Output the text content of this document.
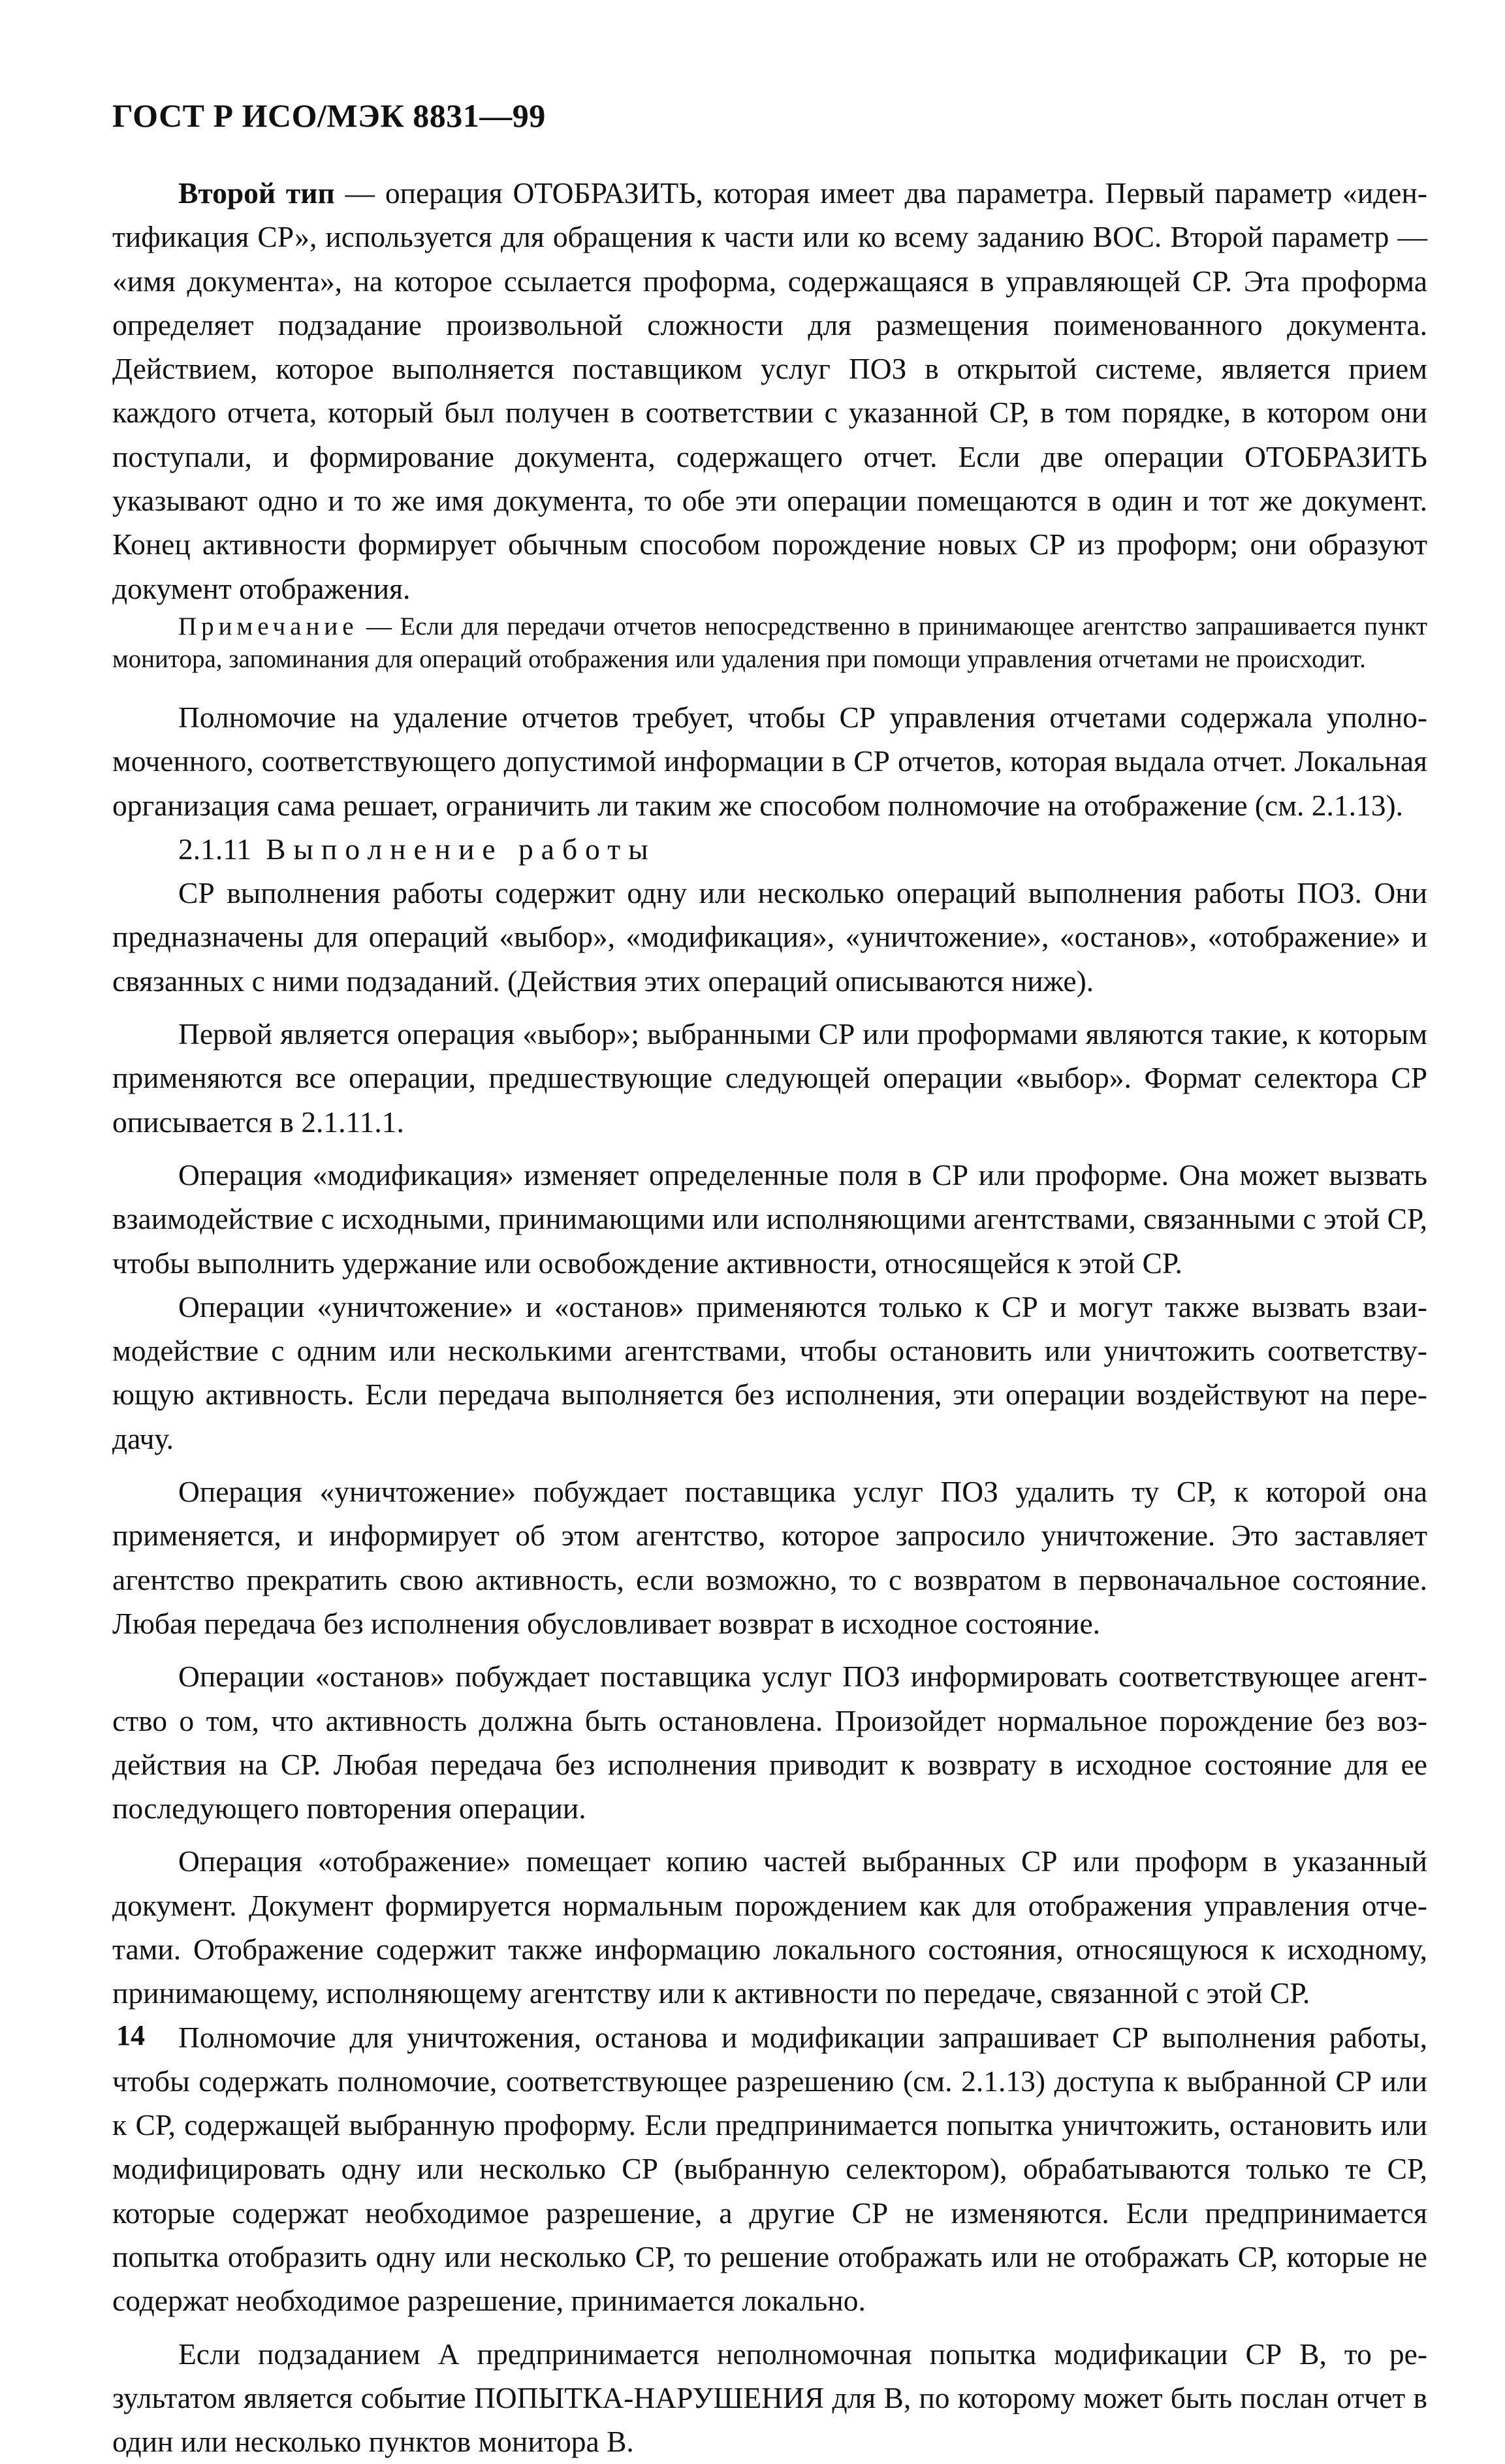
ГОСТ Р ИСО/МЭК 8831—99

Второй тип — операция ОТОБРАЗИТЬ, которая имеет два параметра. Первый параметр «идентификация СР», используется для обращения к части или ко всему заданию ВОС. Второй параметр — «имя документа», на которое ссылается проформа, содержащаяся в управляющей СР. Эта проформа определяет подзадание произвольной сложности для размещения поименованного документа. Действием, которое выполняется поставщиком услуг ПОЗ в открытой системе, является прием каждого отчета, который был получен в соответствии с указанной СР, в том порядке, в котором они поступали, и формирование документа, содержащего отчет. Если две операции ОТОБРАЗИТЬ указывают одно и то же имя документа, то обе эти операции помещаются в один и тот же документ. Конец активности формирует обычным способом порождение новых СР из проформ; они образуют документ отображения.

Примечание — Если для передачи отчетов непосредственно в принимающее агентство запрашивается пункт монитора, запоминания для операций отображения или удаления при помощи управления отчетами не происходит.

Полномочие на удаление отчетов требует, чтобы СР управления отчетами содержала уполномоченного, соответствующего допустимой информации в СР отчетов, которая выдала отчет. Локальная организация сама решает, ограничить ли таким же способом полномочие на отображение (см. 2.1.13).

2.1.11 Выполнение работы

СР выполнения работы содержит одну или несколько операций выполнения работы ПОЗ. Они предназначены для операций «выбор», «модификация», «уничтожение», «останов», «отображение» и связанных с ними подзаданий. (Действия этих операций описываются ниже).

Первой является операция «выбор»; выбранными СР или проформами являются такие, к которым применяются все операции, предшествующие следующей операции «выбор». Формат селектора СР описывается в 2.1.11.1.

Операция «модификация» изменяет определенные поля в СР или проформе. Она может вызвать взаимодействие с исходными, принимающими или исполняющими агентствами, связанными с этой СР, чтобы выполнить удержание или освобождение активности, относящейся к этой СР.

Операции «уничтожение» и «останов» применяются только к СР и могут также вызвать взаимодействие с одним или несколькими агентствами, чтобы остановить или уничтожить соответствующую активность. Если передача выполняется без исполнения, эти операции воздействуют на передачу.

Операция «уничтожение» побуждает поставщика услуг ПОЗ удалить ту СР, к которой она применяется, и информирует об этом агентство, которое запросило уничтожение. Это заставляет агентство прекратить свою активность, если возможно, то с возвратом в первоначальное состояние. Любая передача без исполнения обусловливает возврат в исходное состояние.

Операции «останов» побуждает поставщика услуг ПОЗ информировать соответствующее агентство о том, что активность должна быть остановлена. Произойдет нормальное порождение без воздействия на СР. Любая передача без исполнения приводит к возврату в исходное состояние для ее последующего повторения операции.

Операция «отображение» помещает копию частей выбранных СР или проформ в указанный документ. Документ формируется нормальным порождением как для отображения управления отчетами. Отображение содержит также информацию локального состояния, относящуюся к исходному, принимающему, исполняющему агентству или к активности по передаче, связанной с этой СР.

Полномочие для уничтожения, останова и модификации запрашивает СР выполнения работы, чтобы содержать полномочие, соответствующее разрешению (см. 2.1.13) доступа к выбранной СР или к СР, содержащей выбранную проформу. Если предпринимается попытка уничтожить, остановить или модифицировать одну или несколько СР (выбранную селектором), обрабатываются только те СР, которые содержат необходимое разрешение, а другие СР не изменяются. Если предпринимается попытка отобразить одну или несколько СР, то решение отображать или не отображать СР, которые не содержат необходимое разрешение, принимается локально.

Если подзаданием А предпринимается неполномочная попытка модификации СР В, то результатом является событие ПОПЫТКА-НАРУШЕНИЯ для В, по которому может быть послан отчет в один или несколько пунктов монитора В.

14
